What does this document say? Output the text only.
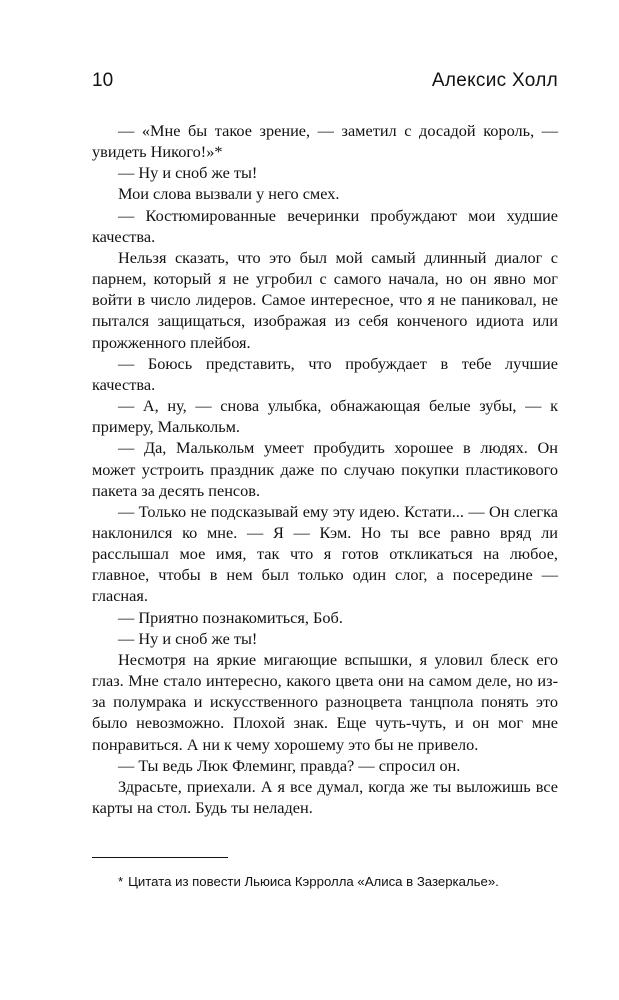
10	Алексис Холл

— «Мне бы такое зрение, — заметил с досадой король, — увидеть Никого!»*

— Ну и сноб же ты!

Мои слова вызвали у него смех.

— Костюмированные вечеринки пробуждают мои худшие качества.

Нельзя сказать, что это был мой самый длинный диалог с парнем, который я не угробил с самого начала, но он явно мог войти в число лидеров. Самое интересное, что я не паниковал, не пытался защищаться, изображая из себя конченого идиота или прожженного плейбоя.

— Боюсь представить, что пробуждает в тебе лучшие качества.

— А, ну, — снова улыбка, обнажающая белые зубы, — к примеру, Малькольм.

— Да, Малькольм умеет пробудить хорошее в людях. Он может устроить праздник даже по случаю покупки пластикового пакета за десять пенсов.

— Только не подсказывай ему эту идею. Кстати... — Он слегка наклонился ко мне. — Я — Кэм. Но ты все равно вряд ли расслышал мое имя, так что я готов откликаться на любое, главное, чтобы в нем был только один слог, а посередине — гласная.

— Приятно познакомиться, Боб.

— Ну и сноб же ты!

Несмотря на яркие мигающие вспышки, я уловил блеск его глаз. Мне стало интересно, какого цвета они на самом деле, но из-за полумрака и искусственного разноцвета танцпола понять это было невозможно. Плохой знак. Еще чуть-чуть, и он мог мне понравиться. А ни к чему хорошему это бы не привело.

— Ты ведь Люк Флеминг, правда? — спросил он.

Здрасьте, приехали. А я все думал, когда же ты выложишь все карты на стол. Будь ты неладен.

* Цитата из повести Льюиса Кэрролла «Алиса в Зазеркалье».
